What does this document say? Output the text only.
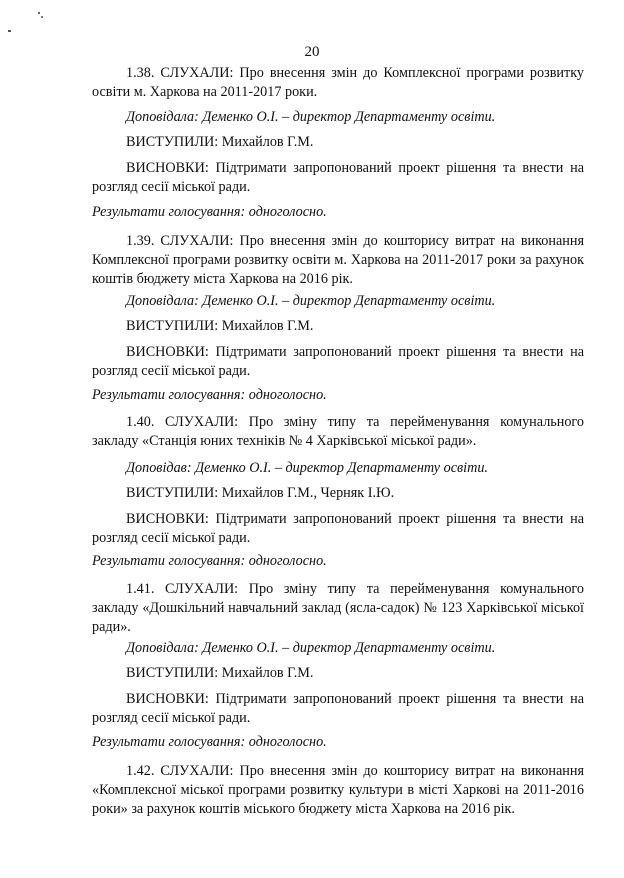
20

1.38. СЛУХАЛИ: Про внесення змін до Комплексної програми розвитку освіти м. Харкова на 2011-2017 роки.

Доповідала: Деменко О.І. – директор Департаменту освіти.

ВИСТУПИЛИ: Михайлов Г.М.

ВИСНОВКИ: Підтримати запропонований проект рішення та внести на розгляд сесії міської ради.

Результати голосування: одноголосно.

1.39. СЛУХАЛИ: Про внесення змін до кошторису витрат на виконання Комплексної програми розвитку освіти м. Харкова на 2011-2017 роки за рахунок коштів бюджету міста Харкова на 2016 рік.

Доповідала: Деменко О.І. – директор Департаменту освіти.

ВИСТУПИЛИ: Михайлов Г.М.

ВИСНОВКИ: Підтримати запропонований проект рішення та внести на розгляд сесії міської ради.

Результати голосування: одноголосно.

1.40. СЛУХАЛИ: Про зміну типу та перейменування комунального закладу «Станція юних техніків № 4 Харківської міської ради».

Доповідав: Деменко О.І. – директор Департаменту освіти.

ВИСТУПИЛИ: Михайлов Г.М., Черняк І.Ю.

ВИСНОВКИ: Підтримати запропонований проект рішення та внести на розгляд сесії міської ради.

Результати голосування: одноголосно.

1.41. СЛУХАЛИ: Про зміну типу та перейменування комунального закладу «Дошкільний навчальний заклад (ясла-садок) № 123 Харківської міської ради».

Доповідала: Деменко О.І. – директор Департаменту освіти.

ВИСТУПИЛИ: Михайлов Г.М.

ВИСНОВКИ: Підтримати запропонований проект рішення та внести на розгляд сесії міської ради.

Результати голосування: одноголосно.

1.42. СЛУХАЛИ: Про внесення змін до кошторису витрат на виконання «Комплексної міської програми розвитку культури в місті Харкові на 2011-2016 роки» за рахунок коштів міського бюджету міста Харкова на 2016 рік.
